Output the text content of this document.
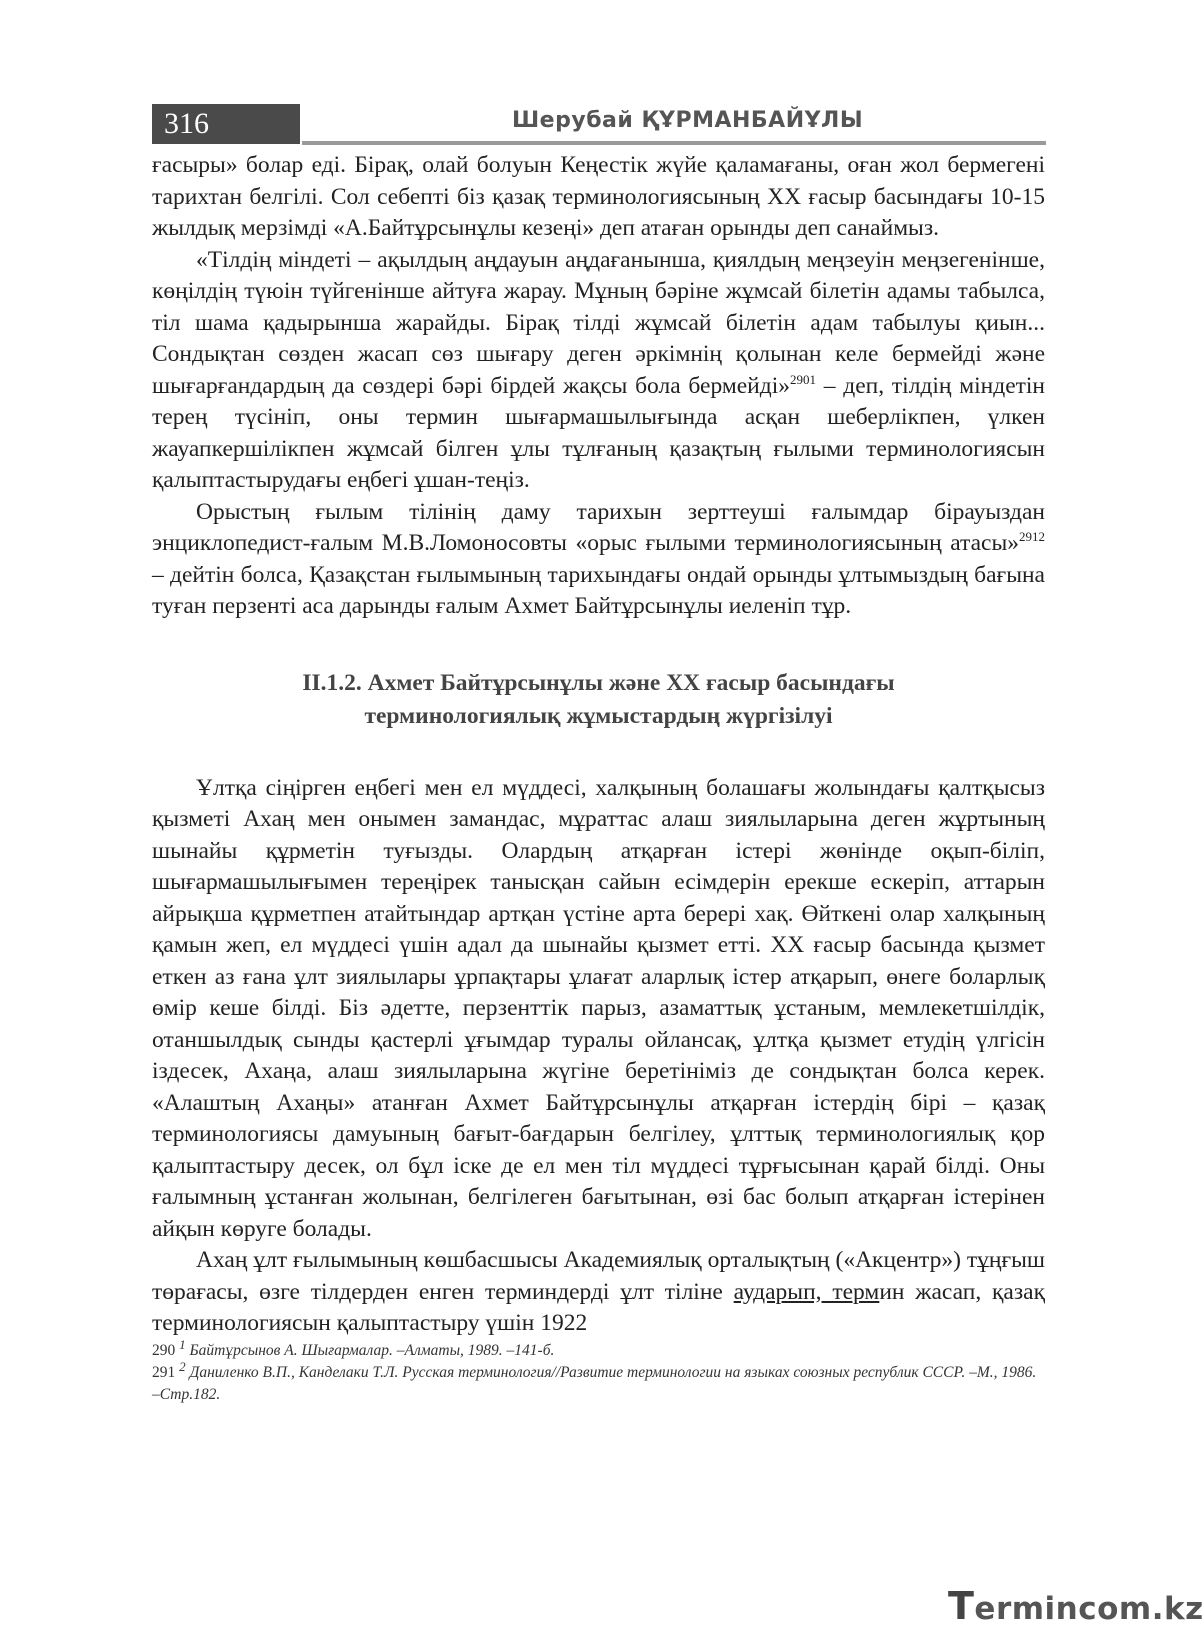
316	Шерубай ҚҰРМАНБАЙҰЛЫ

ғасыры» болар еді. Бірақ, олай болуын Кеңестік жүйе қаламағаны, оған жол бермегені тарихтан белгілі. Сол себепті біз қазақ терминологиясының ХХ ғасыр басындағы 10-15 жылдық мерзімді «А.Байтұрсынұлы кезеңі» деп атаған орынды деп санаймыз.

«Тілдің міндеті – ақылдың аңдауын аңдағанынша, қиялдың меңзеуін меңзегенінше, көңілдің түюін түйгенінше айтуға жарау. Мұның бәріне жұмсай білетін адамы табылса, тіл шама қадырынша жарайды. Бірақ тілді жұмсай білетін адам табылуы қиын... Сондықтан сөзден жасап сөз шығару деген әркімнің қолынан келе бермейді және шығарғандардың да сөздері бәрі бірдей жақсы бола бермейді»$^{2901}$ – деп, тілдің міндетін терең түсініп, оны термин шығармашылығында асқан шеберлікпен, үлкен жауапкершілікпен жұмсай білген ұлы тұлғаның қазақтың ғылыми терминологиясын қалыптастырудағы еңбегі ұшан-теңіз.

Орыстың ғылым тілінің даму тарихын зерттеуші ғалымдар бірауыздан энциклопедист-ғалым М.В.Ломоносовты «орыс ғылыми терминологиясының атасы»$^{2912}$ – дейтін болса, Қазақстан ғылымының тарихындағы ондай орынды ұлтымыздың бағына туған перзенті аса дарынды ғалым Ахмет Байтұрсынұлы иеленіп тұр.

ІІ.1.2. Ахмет Байтұрсынұлы және ХХ ғасыр басындағы
терминологиялық жұмыстардың жүргізілуі

Ұлтқа сіңірген еңбегі мен ел мүддесі, халқының болашағы жолындағы қалтқысыз қызметі Ахаң мен онымен замандас, мұраттас алаш зиялыларына деген жұртының шынайы құрметін туғызды. Олардың атқарған істері жөнінде оқып-біліп, шығармашылығымен тереңірек танысқан сайын есімдерін ерекше ескеріп, аттарын айрықша құрметпен атайтындар артқан үстіне арта берері хақ. Өйткені олар халқының қамын жеп, ел мүддесі үшін адал да шынайы қызмет етті. ХХ ғасыр басында қызмет еткен аз ғана ұлт зиялылары ұрпақтары ұлағат аларлық істер атқарып, өнеге боларлық өмір кеше білді. Біз әдетте, перзенттік парыз, азаматтық ұстаным, мемлекетшілдік, отаншылдық сынды қастерлі ұғымдар туралы ойлансақ, ұлтқа қызмет етудің үлгісін іздесек, Ахаңа, алаш зиялыларына жүгіне беретініміз де сондықтан болса керек. «Алаштың Ахаңы» атанған Ахмет Байтұрсынұлы атқарған істердің бірі – қазақ терминологиясы дамуының бағыт-бағдарын белгілеу, ұлттық терминологиялық қор қалыптастыру десек, ол бұл іске де ел мен тіл мүддесі тұрғысынан қарай білді. Оны ғалымның ұстанған жолынан, белгілеген бағытынан, өзі бас болып атқарған істерінен айқын көруге болады.

Ахаң ұлт ғылымының көшбасшысы Академиялық орталықтың («Акцентр») тұңғыш төрағасы, өзге тілдерден енген терминдерді ұлт тіліне аударып, термин жасап, қазақ терминологиясын қалыптастыру үшін 1922

290 $^1$ Байтұрсынов А. Шығармалар. –Алматы, 1989. –141-б.
291 $^2$ Даниленко В.П., Канделаки Т.Л. Русская терминология//Развитие терминологии на языках союзных республик СССР. –М., 1986. –Стр.182.
Termincom.kz
